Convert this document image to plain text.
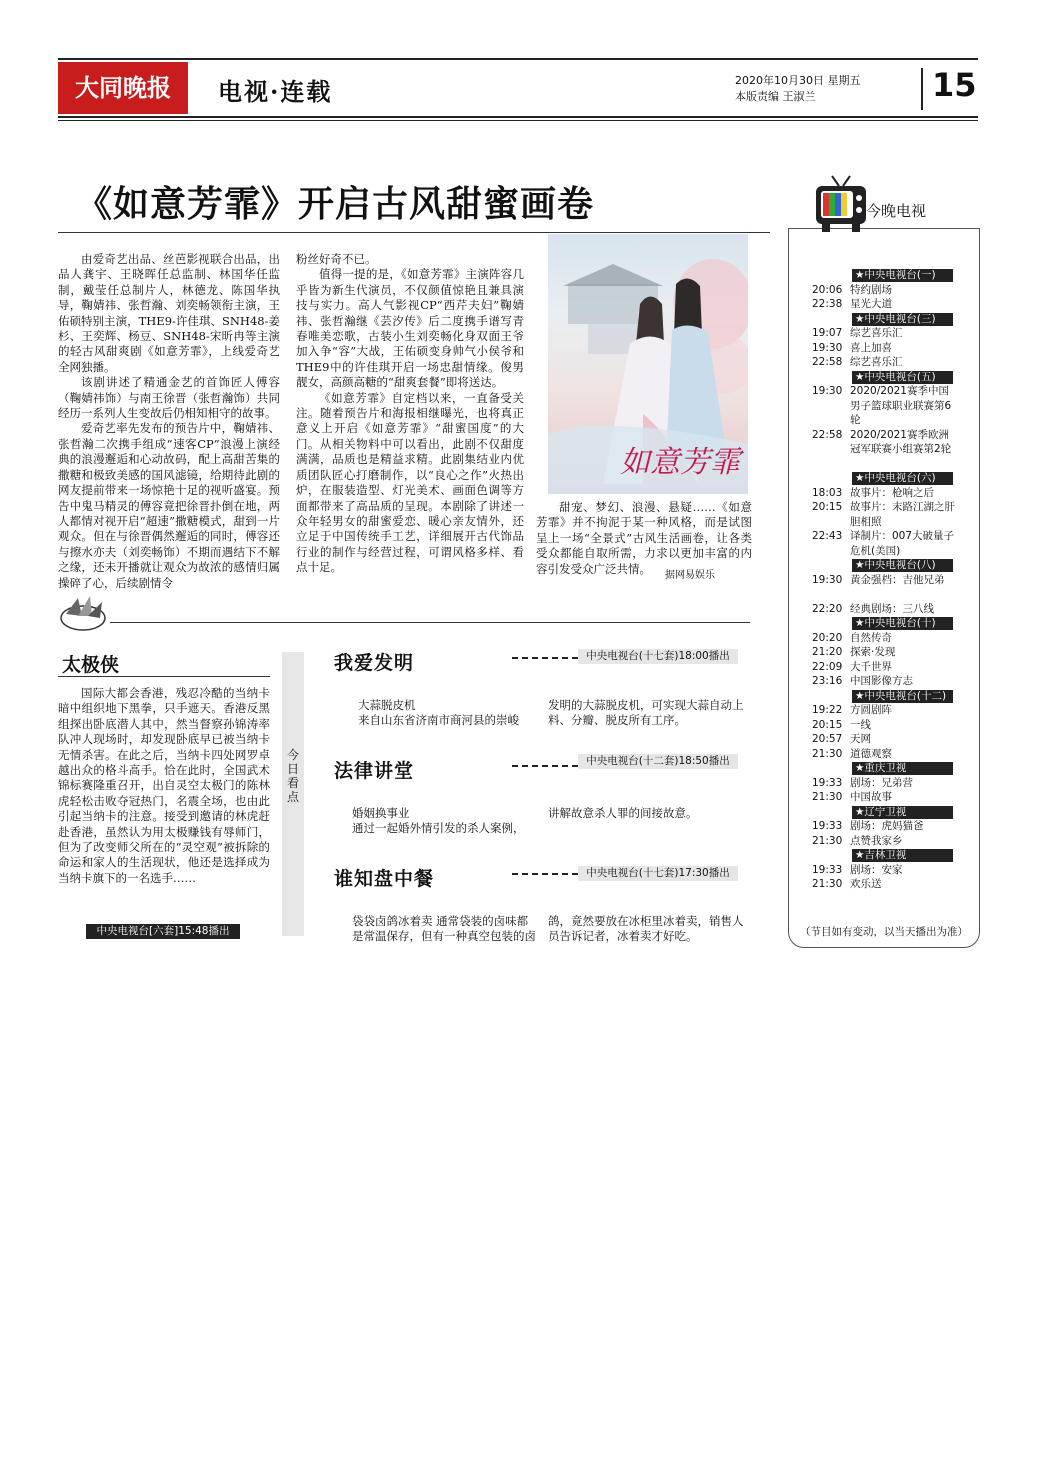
大同晚报	电视·连载	2020年10月30日 星期五
本版责编 王淑兰	15
《如意芳霏》开启古风甜蜜画卷

由爱奇艺出品、丝芭影视联合出品，出品人龚宇、王晓晖任总监制、林国华任监制，戴莹任总制片人，林德龙、陈国华执导，鞠婧祎、张哲瀚、刘奕畅领衔主演，王佑硕特别主演，THE9-许佳琪、SNH48-姜杉、王奕辉、杨豆、SNH48-宋昕冉等主演的轻古风甜爽剧《如意芳霏》，上线爱奇艺全网独播。

该剧讲述了精通金艺的首饰匠人傅容（鞠婧祎饰）与南王徐晋（张哲瀚饰）共同经历一系列人生变故后仍相知相守的故事。

爱奇艺率先发布的预告片中，鞠婧祎、张哲瀚二次携手组成“速客CP”浪漫上演经典的浪漫邂逅和心动故码，配上高甜苦集的撒糖和极致美感的国风滤镜，给期待此剧的网友提前带来一场惊艳十足的视听盛宴。预告中鬼马精灵的傅容竟把徐晋扑倒在地，两人都情对视开启“超速”撒糖模式，甜到一片观众。但在与徐晋偶然邂逅的同时，傅容还与擦水亦夫（刘奕畅饰）不期而遇结下不解之缘，还未开播就让观众为故浓的感情归属操碎了心，后续剧情令

粉丝好奇不已。

值得一提的是，《如意芳霏》主演阵容几乎皆为新生代演员，不仅颜值惊艳且兼具演技与实力。高人气影视CP“西芹夫妇”鞠婧祎、张哲瀚继《芸汐传》后二度携手谱写青春唯美恋歌，古装小生刘奕畅化身双面王爷加入争“容”大战，王佑硕变身帅气小侯爷和THE9中的许佳琪开启一场忠甜情缘。俊男靓女，高颜高糖的“甜爽套餐”即将送达。

《如意芳霏》自定档以来，一直备受关注。随着预告片和海报相继曝光，也将真正意义上开启《如意芳霏》“甜蜜国度”的大门。从相关物料中可以看出，此剧不仅甜度满满，品质也是精益求精。此剧集结业内优质团队匠心打磨制作，以“良心之作”火热出炉，在服装造型、灯光美术、画面色调等方面都带来了高品质的呈现。本剧除了讲述一众年轻男女的甜蜜爱恋、暖心亲友情外，还立足于中国传统手工艺，详细展开古代饰品行业的制作与经营过程，可谓风格多样、看点十足。

如意芳霏

甜宠、梦幻、浪漫、悬疑……《如意芳霏》并不拘泥于某一种风格，而是试图呈上一场“全景式”古风生活画卷，让各类受众都能自取所需，力求以更加丰富的内容引发受众广泛共情。	据网易娱乐
今晚电视
★中央电视台(一)
20:06 特约剧场
22:38 星光大道
★中央电视台(三)
19:07 综艺喜乐汇
19:30 喜上加喜
22:58 综艺喜乐汇
★中央电视台(五)
19:30 2020/2021赛季中国男子篮球职业联赛第6轮
22:58 2020/2021赛季欧洲冠军联赛小组赛第2轮
★中央电视台(六)
18:03 故事片：枪响之后
20:15 故事片：末路江湖之肝胆相照
22:43 译制片：007大破量子危机(美国)
★中央电视台(八)
19:30 黄金强档：吉他兄弟
22:20 经典剧场：三八线
★中央电视台(十)
20:20 自然传奇
21:20 探索·发现
22:09 大千世界
23:16 中国影像方志
★中央电视台(十二)
19:22 方圆剧阵
20:15 一线
20:57 天网
21:30 道德观察
★重庆卫视
19:33 剧场：兄弟营
21:30 中国故事
★辽宁卫视
19:33 剧场：虎妈猫爸
21:30 点赞我家乡
★吉林卫视
19:33 剧场：安家
21:30 欢乐送
（节目如有变动，以当天播出为准）
太极侠

国际大都会香港，残忍冷酷的当纳卡暗中组织地下黑拳，只手遮天。香港反黑组探出卧底潜人其中，然当督察孙锦涛率队冲人现场时，却发现卧底早已被当纳卡无情杀害。在此之后，当纳卡四处网罗卓越出众的格斗高手。恰在此时，全国武术锦标赛隆重召开，出自灵空太极门的陈林虎轻松击败夺冠热门，名震全场，也由此引起当纳卡的注意。接受到邀请的林虎赶赴香港，虽然认为用太极赚钱有辱师门，但为了改变师父所在的“灵空观”被拆除的命运和家人的生活现状，他还是选择成为当纳卡旗下的一名选手……

中央电视台[六套]15:48播出
今日看点
我爱发明	中央电视台(十七套)18:00播出
大蒜脱皮机
来自山东省济南市商河县的崇峻
发明的大蒜脱皮机，可实现大蒜自动上料、分瓣、脱皮所有工序。
法律讲堂	中央电视台(十二套)18:50播出
婚姻换事业
通过一起婚外情引发的杀人案例，
讲解故意杀人罪的间接故意。
谁知盘中餐	中央电视台(十七套)17:30播出
袋袋卤鸽冰着卖 通常袋装的卤味都是常温保存，但有一种真空包装的卤
鸽，竟然要放在冰柜里冰着卖，销售人员告诉记者，冰着卖才好吃。
